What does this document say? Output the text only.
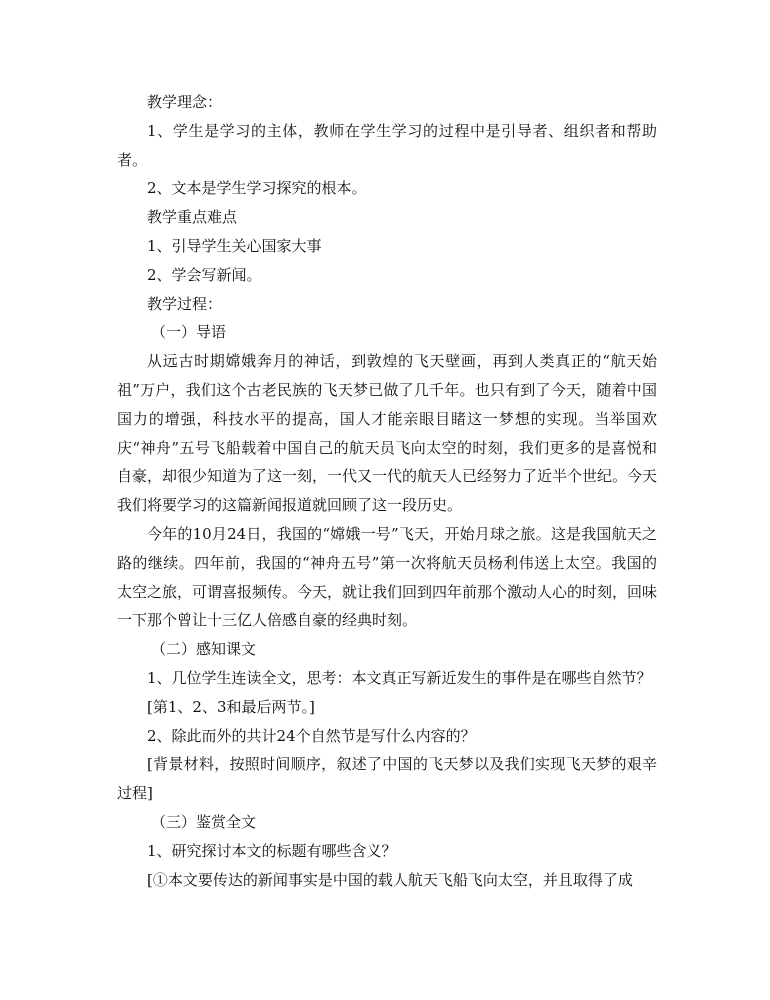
教学理念：

1、学生是学习的主体，教师在学生学习的过程中是引导者、组织者和帮助者。

2、文本是学生学习探究的根本。

教学重点难点

1、引导学生关心国家大事

2、学会写新闻。

教学过程：

（一）导语

从远古时期嫦娥奔月的神话，到敦煌的飞天壁画，再到人类真正的“航天始祖”万户，我们这个古老民族的飞天梦已做了几千年。也只有到了今天，随着中国国力的增强，科技水平的提高，国人才能亲眼目睹这一梦想的实现。当举国欢庆“神舟”五号飞船载着中国自己的航天员飞向太空的时刻，我们更多的是喜悦和自豪，却很少知道为了这一刻，一代又一代的航天人已经努力了近半个世纪。今天我们将要学习的这篇新闻报道就回顾了这一段历史。

今年的10月24日，我国的“嫦娥一号”飞天，开始月球之旅。这是我国航天之路的继续。四年前，我国的“神舟五号”第一次将航天员杨利伟送上太空。我国的太空之旅，可谓喜报频传。今天，就让我们回到四年前那个激动人心的时刻，回味一下那个曾让十三亿人倍感自豪的经典时刻。

（二）感知课文

1、几位学生连读全文，思考：本文真正写新近发生的事件是在哪些自然节？

[第1、2、3和最后两节。]

2、除此而外的共计24个自然节是写什么内容的？

[背景材料，按照时间顺序，叙述了中国的飞天梦以及我们实现飞天梦的艰辛过程]

（三）鉴赏全文

1、研究探讨本文的标题有哪些含义？

[①本文要传达的新闻事实是中国的载人航天飞船飞向太空，并且取得了成
